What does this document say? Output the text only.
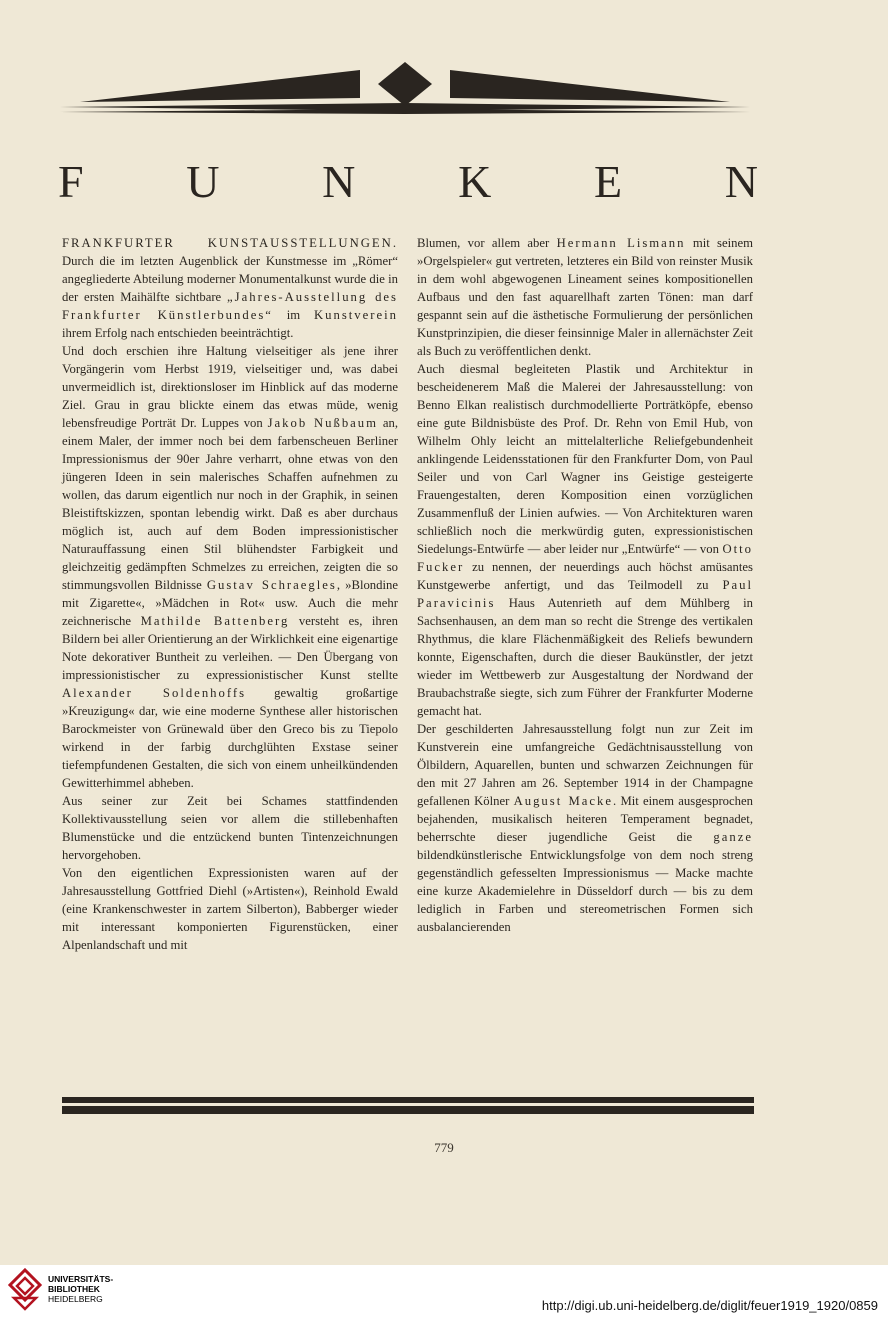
F U N K E N

FRANKFURTER KUNSTAUSSTELLUNGEN. Durch die im letzten Augenblick der Kunstmesse im „Römer“ angegliederte Abteilung moderner Monumentalkunst wurde die in der ersten Maihälfte sichtbare „Jahres-Ausstellung des Frankfurter Künstlerbundes“ im Kunstverein ihrem Erfolg nach entschieden beeinträchtigt.

Und doch erschien ihre Haltung vielseitiger als jene ihrer Vorgängerin vom Herbst 1919, vielseitiger und, was dabei unvermeidlich ist, direktionsloser im Hinblick auf das moderne Ziel. Grau in grau blickte einem das etwas müde, wenig lebensfreudige Porträt Dr. Luppes von Jakob Nußbaum an, einem Maler, der immer noch bei dem farbenscheuen Berliner Impressionismus der 90er Jahre verharrt, ohne etwas von den jüngeren Ideen in sein malerisches Schaffen aufnehmen zu wollen, das darum eigentlich nur noch in der Graphik, in seinen Bleistiftskizzen, spontan lebendig wirkt. Daß es aber durchaus möglich ist, auch auf dem Boden impressionistischer Naturauffassung einen Stil blühendster Farbigkeit und gleichzeitig gedämpften Schmelzes zu erreichen, zeigten die so stimmungsvollen Bildnisse Gustav Schraegles, »Blondine mit Zigarette«, »Mädchen in Rot« usw. Auch die mehr zeichnerische Mathilde Battenberg versteht es, ihren Bildern bei aller Orientierung an der Wirklichkeit eine eigenartige Note dekorativer Buntheit zu verleihen. — Den Übergang von impressionistischer zu expressionistischer Kunst stellte Alexander Soldenhoffs gewaltig großartige »Kreuzigung« dar, wie eine moderne Synthese aller historischen Barockmeister von Grünewald über den Greco bis zu Tiepolo wirkend in der farbig durchglühten Exstase seiner tiefempfundenen Gestalten, die sich von einem unheilkündenden Gewitterhimmel abheben.

Aus seiner zur Zeit bei Schames stattfindenden Kollektivausstellung seien vor allem die stillebenhaften Blumenstücke und die entzückend bunten Tintenzeichnungen hervorgehoben.

Von den eigentlichen Expressionisten waren auf der Jahresausstellung Gottfried Diehl (»Artisten«), Reinhold Ewald (eine Krankenschwester in zartem Silberton), Babberger wieder mit interessant komponierten Figurenstücken, einer Alpenlandschaft und mit

Blumen, vor allem aber Hermann Lismann mit seinem »Orgelspieler« gut vertreten, letzteres ein Bild von reinster Musik in dem wohl abgewogenen Lineament seines kompositionellen Aufbaus und den fast aquarellhaft zarten Tönen: man darf gespannt sein auf die ästhetische Formulierung der persönlichen Kunstprinzipien, die dieser feinsinnige Maler in allernächster Zeit als Buch zu veröffentlichen denkt.

Auch diesmal begleiteten Plastik und Architektur in bescheidenerem Maß die Malerei der Jahresausstellung: von Benno Elkan realistisch durchmodellierte Porträtköpfe, ebenso eine gute Bildnisbüste des Prof. Dr. Rehn von Emil Hub, von Wilhelm Ohly leicht an mittelalterliche Reliefgebundenheit anklingende Leidensstationen für den Frankfurter Dom, von Paul Seiler und von Carl Wagner ins Geistige gesteigerte Frauengestalten, deren Komposition einen vorzüglichen Zusammenfluß der Linien aufwies. — Von Architekturen waren schließlich noch die merkwürdig guten, expressionistischen Siedelungs-Entwürfe — aber leider nur „Entwürfe“ — von Otto Fucker zu nennen, der neuerdings auch höchst amüsantes Kunstgewerbe anfertigt, und das Teilmodell zu Paul Paravicinis Haus Autenrieth auf dem Mühlberg in Sachsenhausen, an dem man so recht die Strenge des vertikalen Rhythmus, die klare Flächenmäßigkeit des Reliefs bewundern konnte, Eigenschaften, durch die dieser Baukünstler, der jetzt wieder im Wettbewerb zur Ausgestaltung der Nordwand der Braubachstraße siegte, sich zum Führer der Frankfurter Moderne gemacht hat.

Der geschilderten Jahresausstellung folgt nun zur Zeit im Kunstverein eine umfangreiche Gedächtnisausstellung von Ölbildern, Aquarellen, bunten und schwarzen Zeichnungen für den mit 27 Jahren am 26. September 1914 in der Champagne gefallenen Kölner August Macke. Mit einem ausgesprochen bejahenden, musikalisch heiteren Temperament begnadet, beherrschte dieser jugendliche Geist die ganze bildendkünstlerische Entwicklungsfolge von dem noch streng gegenständlich gefesselten Impressionismus — Macke machte eine kurze Akademielehre in Düsseldorf durch — bis zu dem lediglich in Farben und stereometrischen Formen sich ausbalancierenden

779
UNIVERSITÄTS-
BIBLIOTHEK
HEIDELBERG	http://digi.ub.uni-heidelberg.de/diglit/feuer1919_1920/0859
